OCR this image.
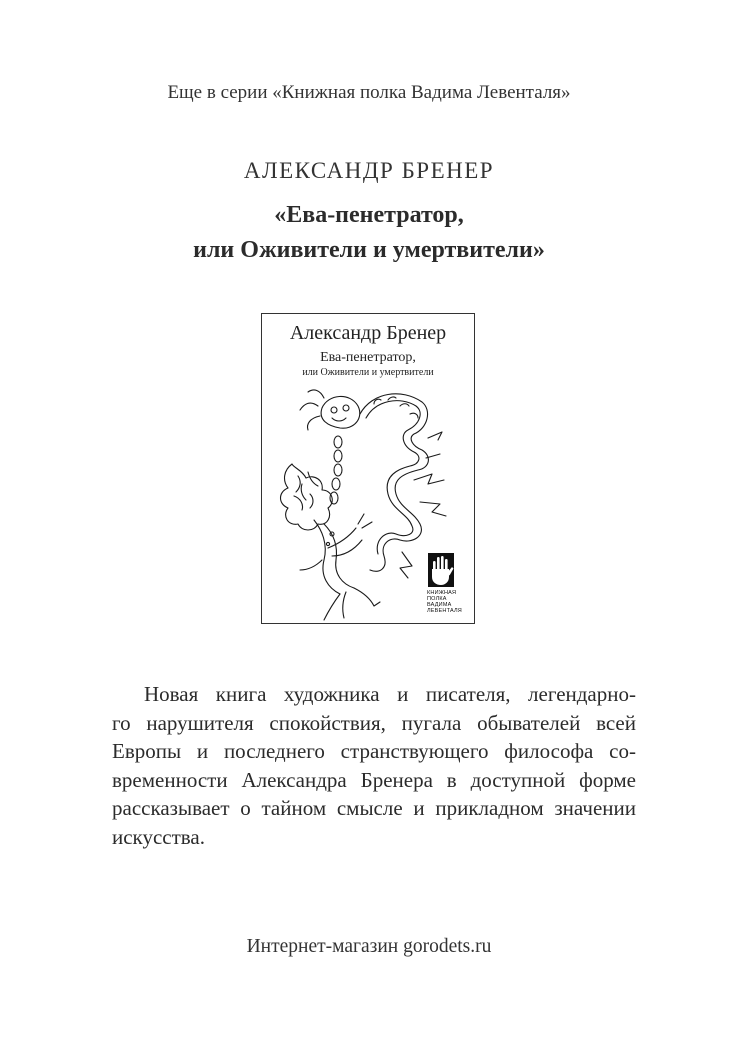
Еще в серии «Книжная полка Вадима Левенталя»
АЛЕКСАНДР БРЕНЕР
«Ева-пенетратор,
или Оживители и умертвители»
Александр Бренер
Ева-пенетратор,
или Оживители и умертвители
КНИЖНАЯ
ПОЛКА
ВАДИМА
ЛЕВЕНТАЛЯ
Новая книга художника и писателя, легендарно-
го нарушителя спокойствия, пугала обывателей всей
Европы и последнего странствующего философа со-
временности Александра Бренера в доступной форме
рассказывает о тайном смысле и прикладном значении
искусства.
Интернет-магазин gorodets.ru
